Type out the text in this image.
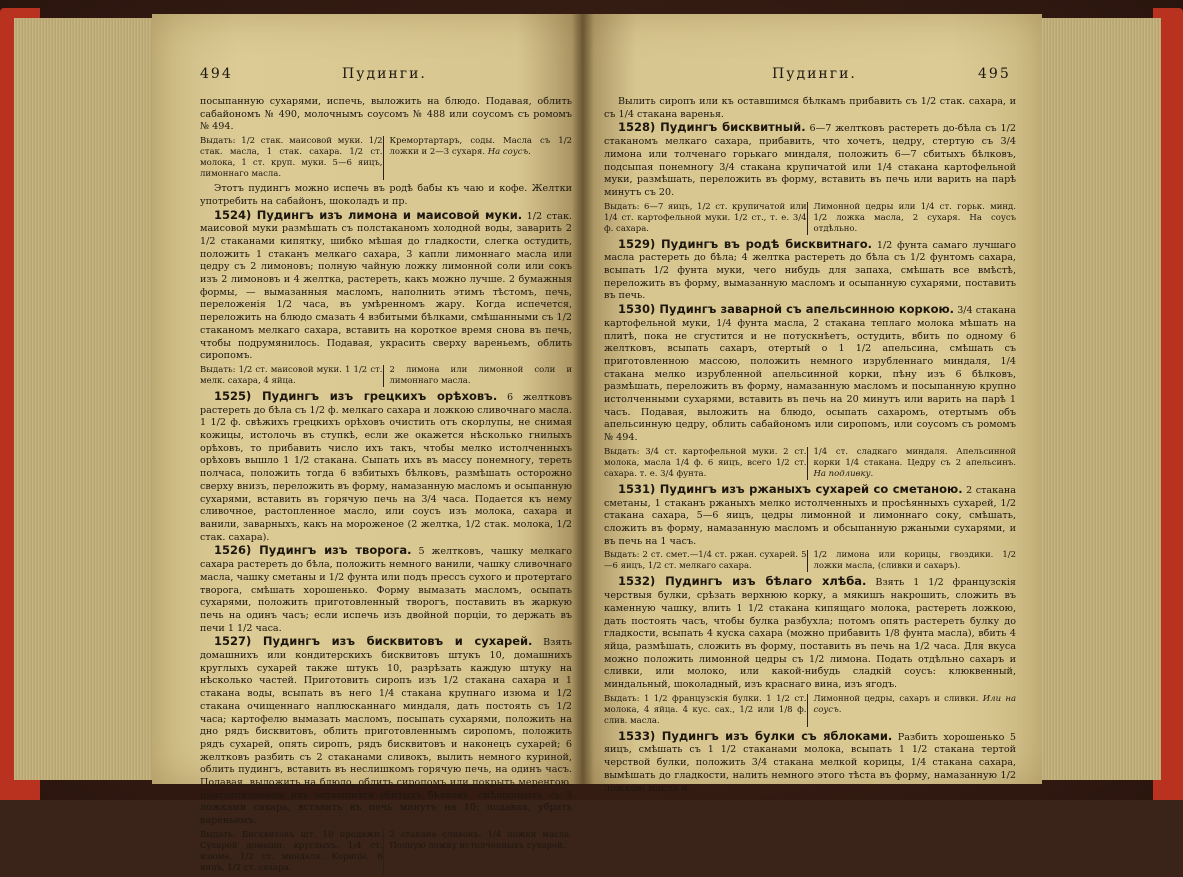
494	Пудинги.

посыпанную сухарями, испечь, выложить на блюдо. Подавая, облить сабайономъ № 490, молочнымъ соусомъ № 488 или соусомъ съ ромомъ № 494.

Выдать: 1/2 стак. маисовой муки. 1/2 стак. масла, 1 стак. сахара. 1/2 ст. молока, 1 ст. круп. муки. 5—6 яицъ, лимоннаго масла.
Кремортартаръ, соды. Масла съ 1/2 ложки и 2—3 сухаря. На соусъ.

Этотъ пудингъ можно испечь въ родѣ бабы къ чаю и кофе. Желтки употребить на сабайонъ, шоколадъ и пр.

1524) Пудингъ изъ лимона и маисовой муки. 1/2 стак. маисовой муки размѣшать съ полстаканомъ холодной воды, заварить 2 1/2 стаканами кипятку, шибко мѣшая до гладкости, слегка остудить, положить 1 стаканъ мелкаго сахара, 3 капли лимоннаго масла или цедру съ 2 лимоновъ; полную чайную ложку лимонной соли или сокъ изъ 2 лимоновъ и 4 желтка, растереть, какъ можно лучше. 2 бумажныя формы, — вымазанныя масломъ, наполнить этимъ тѣстомъ, печь, переложенія 1/2 часа, въ умѣренномъ жару. Когда испечется, переложить на блюдо смазать 4 взбитыми бѣлками, смѣшанными съ 1/2 стаканомъ мелкаго сахара, вставить на короткое время снова въ печь, чтобы подрумянилось. Подавая, украсить сверху вареньемъ, облить сиропомъ.

Выдать: 1/2 ст. маисовой муки. 1 1/2 ст. мелк. сахара, 4 яйца.
2 лимона или лимонной соли и лимоннаго масла.

1525) Пудингъ изъ грецкихъ орѣховъ. 6 желтковъ растереть до бѣла съ 1/2 ф. мелкаго сахара и ложкою сливочнаго масла. 1 1/2 ф. свѣжихъ грецкихъ орѣховъ очистить отъ скорлупы, не снимая кожицы, истолочь въ ступкѣ, если же окажется нѣсколько гнилыхъ орѣховъ, то прибавить число ихъ такъ, чтобы мелко истолченныхъ орѣховъ вышло 1 1/2 стакана. Сыпать ихъ въ массу понемногу, тереть полчаса, положить тогда 6 взбитыхъ бѣлковъ, размѣшать осторожно сверху внизъ, переложить въ форму, намазанную масломъ и осыпанную сухарями, вставить въ горячую печь на 3/4 часа. Подается къ нему сливочное, растопленное масло, или соусъ изъ молока, сахара и ванили, заварныхъ, какъ на мороженое (2 желтка, 1/2 стак. молока, 1/2 стак. сахара).

1526) Пудингъ изъ творога. 5 желтковъ, чашку мелкаго сахара растереть до бѣла, положить немного ванили, чашку сливочнаго масла, чашку сметаны и 1/2 фунта или подъ прессъ сухого и протертаго творога, смѣшать хорошенько. Форму вымазать масломъ, осыпать сухарями, положить приготовленный творогъ, поставить въ жаркую печь на одинъ часъ; если испечь изъ двойной порціи, то держать въ печи 1 1/2 часа.

1527) Пудингъ изъ бисквитовъ и сухарей. Взять домашнихъ или кондитерскихъ бисквитовъ штукъ 10, домашнихъ круглыхъ сухарей также штукъ 10, разрѣзать каждую штуку на нѣсколько частей. Приготовить сиропъ изъ 1/2 стакана сахара и 1 стакана воды, всыпать въ него 1/4 стакана крупнаго изюма и 1/2 стакана очищеннаго наплюсканнаго миндаля, дать постоять съ 1/2 часа; картофелю вымазать масломъ, посыпать сухарями, положить на дно рядъ бисквитовъ, облить приготовленнымъ сиропомъ, положить рядъ сухарей, опять сиропъ, рядъ бисквитовъ и наконецъ сухарей; 6 желтковъ разбить съ 2 стаканами сливокъ, вылить немного куриной, облить пудингъ, вставить въ неслишкомъ горячую печь, на одинъ часъ. Подавая, выложить на блюдо, облить сиропомъ или покрыть меренгою, приготовленною изъ оставшихся сбитыхъ бѣлковъ, смѣшанныхъ съ 3 ложками сахара, вставить въ печь минутъ на 10; подавая, убрать вареньемъ.

Выдать: Бисквитовъ шт. 10 продажн. Сухарей домашн. круглыхъ. 1/4 ст. изюма, 1/2 ст. миндаля. Корицы, 6 яицъ, 1/2 ст. сахара.
2 стакана сливокъ. 1/4 ложки масла. Полную ложку истолченныхъ сухарей.
Пудинги.	495

Вылить сиропъ или къ оставшимся бѣлкамъ прибавить съ 1/2 стак. сахара, и съ 1/4 стакана варенья.

1528) Пудингъ бисквитный. 6—7 желтковъ растереть до-бѣла съ 1/2 стаканомъ мелкаго сахара, прибавить, что хочетъ, цедру, стертую съ 3/4 лимона или толченаго горькаго миндаля, положить 6—7 сбитыхъ бѣлковъ, подсыпая понемногу 3/4 стакана крупичатой или 1/4 стакана картофельной муки, размѣшать, переложить въ форму, вставить въ печь или варить на парѣ минутъ съ 20.

Выдать: 6—7 яицъ, 1/2 ст. крупичатой или 1/4 ст. картофельной муки. 1/2 ст., т. е. 3/4 ф. сахара.
Лимонной цедры или 1/4 ст. горьк. минд. 1/2 ложка масла, 2 сухаря. На соусъ отдѣльно.

1529) Пудингъ въ родѣ бисквитнаго. 1/2 фунта самаго лучшаго масла растереть до бѣла; 4 желтка растереть до бѣла съ 1/2 фунтомъ сахара, всыпать 1/2 фунта муки, чего нибудь для запаха, смѣшать все вмѣстѣ, переложить въ форму, вымазанную масломъ и осыпанную сухарями, поставить въ печь.

1530) Пудингъ заварной съ апельсинною коркою. 3/4 стакана картофельной муки, 1/4 фунта масла, 2 стакана теплаго молока мѣшать на плитѣ, пока не сгустится и не потускнѣетъ, остудить, вбить по одному 6 желтковъ, всыпать сахаръ, отертый о 1 1/2 апельсина, смѣшать съ приготовленною массою, положить немного изрубленнаго миндаля, 1/4 стакана мелко изрубленной апельсинной корки, пѣну изъ 6 бѣлковъ, размѣшать, переложить въ форму, намазанную масломъ и посыпанную крупно истолченными сухарями, вставить въ печь на 20 минутъ или варить на парѣ 1 часъ. Подавая, выложить на блюдо, осыпать сахаромъ, отертымъ объ апельсинную цедру, облить сабайономъ или сиропомъ, или соусомъ съ ромомъ № 494.

Выдать: 3/4 ст. картофельной муки. 2 ст. молока, масла 1/4 ф. 6 яицъ, всего 1/2 ст. сахара. т. е. 3/4 фунта.
1/4 ст. сладкаго миндаля. Апельсинной корки 1/4 стакана. Цедру съ 2 апельсинъ. На подливку.

1531) Пудингъ изъ ржаныхъ сухарей со сметаною. 2 стакана сметаны, 1 стаканъ ржаныхъ мелко истолченныхъ и просѣянныхъ сухарей, 1/2 стакана сахара, 5—6 яицъ, цедры лимонной и лимоннаго соку, смѣшать, сложить въ форму, намазанную масломъ и обсыпанную ржаными сухарями, и въ печь на 1 часъ.

Выдать: 2 ст. смет.—1/4 ст. ржан. сухарей. 5—6 яицъ, 1/2 ст. мелкаго сахара.
1/2 лимона или корицы, гвоздики. 1/2 ложки масла, (сливки и сахаръ).

1532) Пудингъ изъ бѣлаго хлѣба. Взять 1 1/2 французскія черствыя булки, срѣзать верхнюю корку, а мякишъ накрошить, сложить въ каменную чашку, влить 1 1/2 стакана кипящаго молока, растереть ложкою, дать постоять часъ, чтобы булка разбухла; потомъ опять растереть булку до гладкости, всыпать 4 куска сахара (можно прибавить 1/8 фунта масла), вбить 4 яйца, размѣшать, сложить въ форму, поставить въ печь на 1/2 часа. Для вкуса можно положить лимонной цедры съ 1/2 лимона. Подать отдѣльно сахаръ и сливки, или молоко, или какой-нибудь сладкій соусъ: клюквенный, миндальный, шоколадный, изъ краснаго вина, изъ ягодъ.

Выдать: 1 1/2 французскія булки. 1 1/2 ст. молока, 4 яйца. 4 кус. сах., 1/2 или 1/8 ф. слив. масла.
Лимонной цедры, сахаръ и сливки. Или на соусъ.

1533) Пудингъ изъ булки съ яблоками. Разбить хорошенько 5 яицъ, смѣшать съ 1 1/2 стаканами молока, всыпать 1 1/2 стакана тертой черствой булки, положить 3/4 стакана мелкой корицы, 1/4 стакана сахара, вымѣшать до гладкости, налить немного этого тѣста въ форму, намазанную 1/2 ложкою масла и
